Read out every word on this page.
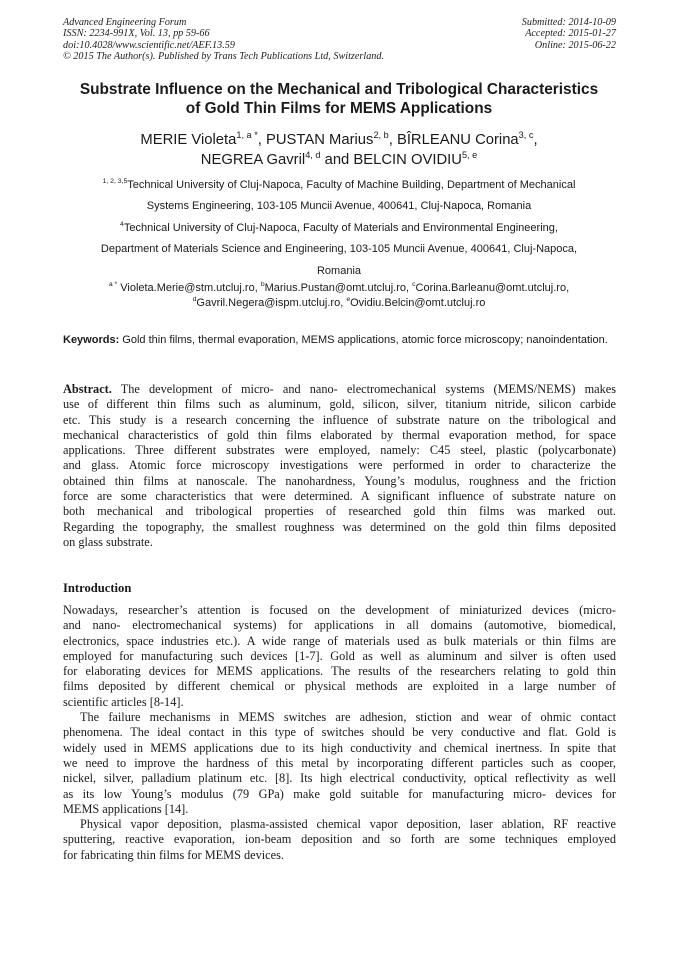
Advanced Engineering Forum
ISSN: 2234-991X, Vol. 13, pp 59-66
doi:10.4028/www.scientific.net/AEF.13.59
© 2015 The Author(s). Published by Trans Tech Publications Ltd, Switzerland.
Submitted: 2014-10-09
Accepted: 2015-01-27
Online: 2015-06-22
Substrate Influence on the Mechanical and Tribological Characteristics
of Gold Thin Films for MEMS Applications
MERIE Violeta$^{1, a *}$, PUSTAN Marius$^{2, b}$, BÎRLEANU Corina$^{3, c}$,
NEGREA Gavril$^{4, d}$ and BELCIN OVIDIU$^{5, e}$
$^{1, 2, 3,5}$Technical University of Cluj-Napoca, Faculty of Machine Building, Department of Mechanical
Systems Engineering, 103-105 Muncii Avenue, 400641, Cluj-Napoca, Romania
$^4$Technical University of Cluj-Napoca, Faculty of Materials and Environmental Engineering,
Department of Materials Science and Engineering, 103-105 Muncii Avenue, 400641, Cluj-Napoca,
Romania
$^{a *}$ Violeta.Merie@stm.utcluj.ro, $^b$Marius.Pustan@omt.utcluj.ro, $^c$Corina.Barleanu@omt.utcluj.ro,
$^d$Gavril.Negera@ispm.utcluj.ro, $^e$Ovidiu.Belcin@omt.utcluj.ro
Keywords: Gold thin films, thermal evaporation, MEMS applications, atomic force microscopy; nanoindentation.
Abstract. The development of micro- and nano- electromechanical systems (MEMS/NEMS) makes
use of different thin films such as aluminum, gold, silicon, silver, titanium nitride, silicon carbide
etc. This study is a research concerning the influence of substrate nature on the tribological and
mechanical characteristics of gold thin films elaborated by thermal evaporation method, for space
applications. Three different substrates were employed, namely: C45 steel, plastic (polycarbonate)
and glass. Atomic force microscopy investigations were performed in order to characterize the
obtained thin films at nanoscale. The nanohardness, Young’s modulus, roughness and the friction
force are some characteristics that were determined. A significant influence of substrate nature on
both mechanical and tribological properties of researched gold thin films was marked out.
Regarding the topography, the smallest roughness was determined on the gold thin films deposited
on glass substrate.
Introduction
Nowadays, researcher’s attention is focused on the development of miniaturized devices (micro-
and nano- electromechanical systems) for applications in all domains (automotive, biomedical,
electronics, space industries etc.). A wide range of materials used as bulk materials or thin films are
employed for manufacturing such devices [1-7]. Gold as well as aluminum and silver is often used
for elaborating devices for MEMS applications. The results of the researchers relating to gold thin
films deposited by different chemical or physical methods are exploited in a large number of
scientific articles [8-14].
The failure mechanisms in MEMS switches are adhesion, stiction and wear of ohmic contact
phenomena. The ideal contact in this type of switches should be very conductive and flat. Gold is
widely used in MEMS applications due to its high conductivity and chemical inertness. In spite that
we need to improve the hardness of this metal by incorporating different particles such as cooper,
nickel, silver, palladium platinum etc. [8]. Its high electrical conductivity, optical reflectivity as well
as its low Young’s modulus (79 GPa) make gold suitable for manufacturing micro- devices for
MEMS applications [14].
Physical vapor deposition, plasma-assisted chemical vapor deposition, laser ablation, RF reactive
sputtering, reactive evaporation, ion-beam deposition and so forth are some techniques employed
for fabricating thin films for MEMS devices.
